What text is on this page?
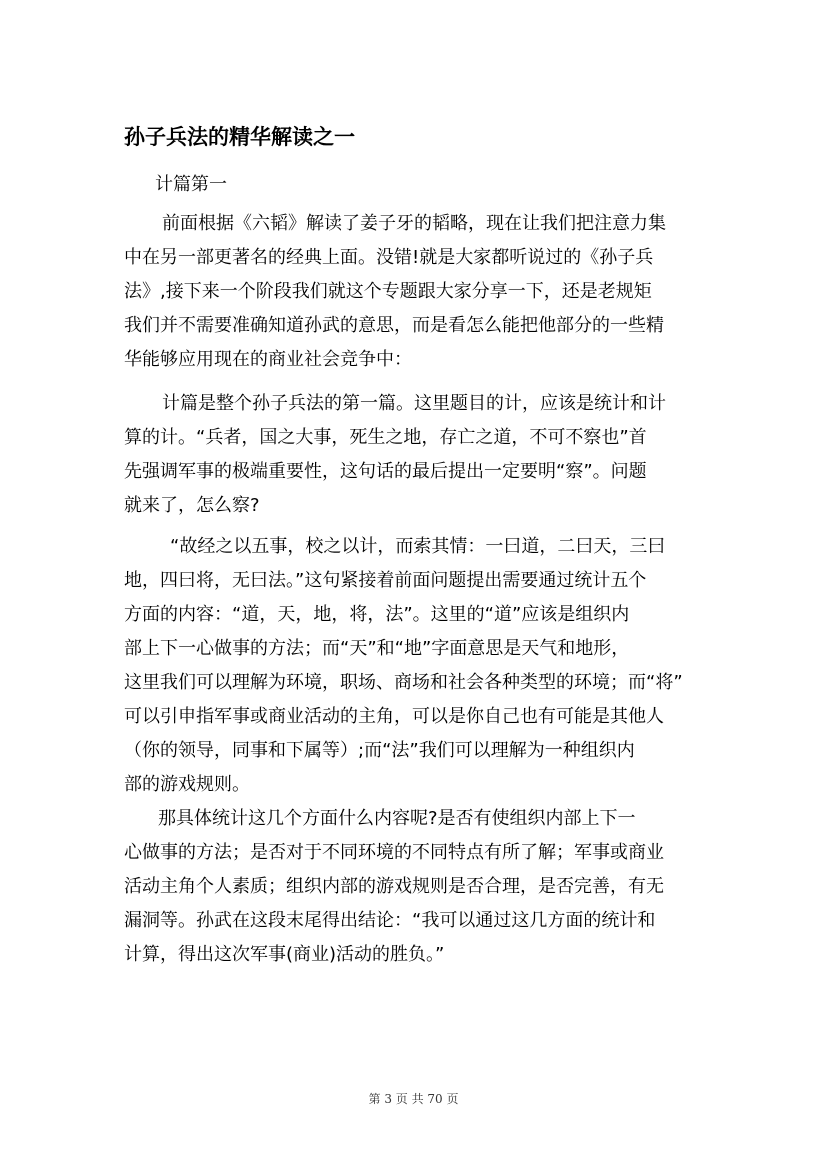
孙子兵法的精华解读之一
计篇第一
前面根据《六韬》解读了姜子牙的韬略，现在让我们把注意力集
中在另一部更著名的经典上面。没错!就是大家都听说过的《孙子兵
法》,接下来一个阶段我们就这个专题跟大家分享一下，还是老规矩
我们并不需要准确知道孙武的意思，而是看怎么能把他部分的一些精
华能够应用现在的商业社会竞争中：
计篇是整个孙子兵法的第一篇。这里题目的计，应该是统计和计
算的计。“兵者，国之大事，死生之地，存亡之道，不可不察也”首
先强调军事的极端重要性，这句话的最后提出一定要明“察”。问题
就来了，怎么察?
“故经之以五事，校之以计，而索其情：一曰道，二曰天，三曰
地，四曰将，无曰法。”这句紧接着前面问题提出需要通过统计五个
方面的内容：“道，天，地，将，法”。这里的“道”应该是组织内
部上下一心做事的方法；而“天”和“地”字面意思是天气和地形，
这里我们可以理解为环境，职场、商场和社会各种类型的环境；而“将”
可以引申指军事或商业活动的主角，可以是你自己也有可能是其他人
（你的领导，同事和下属等）;而“法”我们可以理解为一种组织内
部的游戏规则。
那具体统计这几个方面什么内容呢?是否有使组织内部上下一
心做事的方法；是否对于不同环境的不同特点有所了解；军事或商业
活动主角个人素质；组织内部的游戏规则是否合理，是否完善，有无
漏洞等。孙武在这段末尾得出结论：“我可以通过这几方面的统计和
计算，得出这次军事(商业)活动的胜负。”
第 3 页 共 70 页
